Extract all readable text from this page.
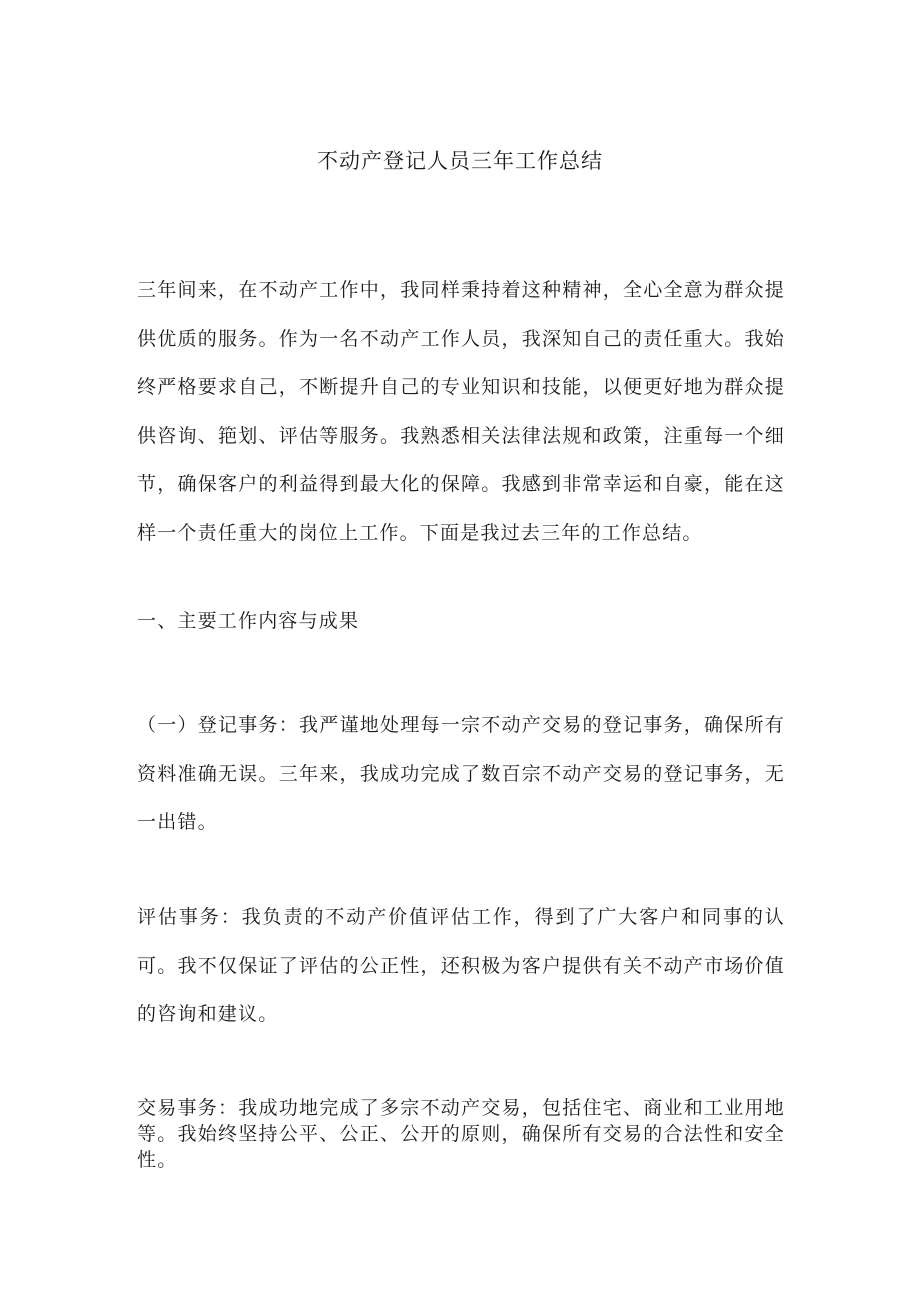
不动产登记人员三年工作总结

三年间来，在不动产工作中，我同样秉持着这种精神，全心全意为群众提供优质的服务。作为一名不动产工作人员，我深知自己的责任重大。我始终严格要求自己，不断提升自己的专业知识和技能，以便更好地为群众提供咨询、筢划、评估等服务。我熟悉相关法律法规和政策，注重每一个细节，确保客户的利益得到最大化的保障。我感到非常幸运和自豪，能在这样一个责任重大的岗位上工作。下面是我过去三年的工作总结。

一、主要工作内容与成果

（一）登记事务：我严谨地处理每一宗不动产交易的登记事务，确保所有资料准确无误。三年来，我成功完成了数百宗不动产交易的登记事务，无一出错。

评估事务：我负责的不动产价值评估工作，得到了广大客户和同事的认可。我不仅保证了评估的公正性，还积极为客户提供有关不动产市场价值的咨询和建议。

交易事务：我成功地完成了多宗不动产交易，包括住宅、商业和工业用地等。我始终坚持公平、公正、公开的原则，确保所有交易的合法性和安全性。
